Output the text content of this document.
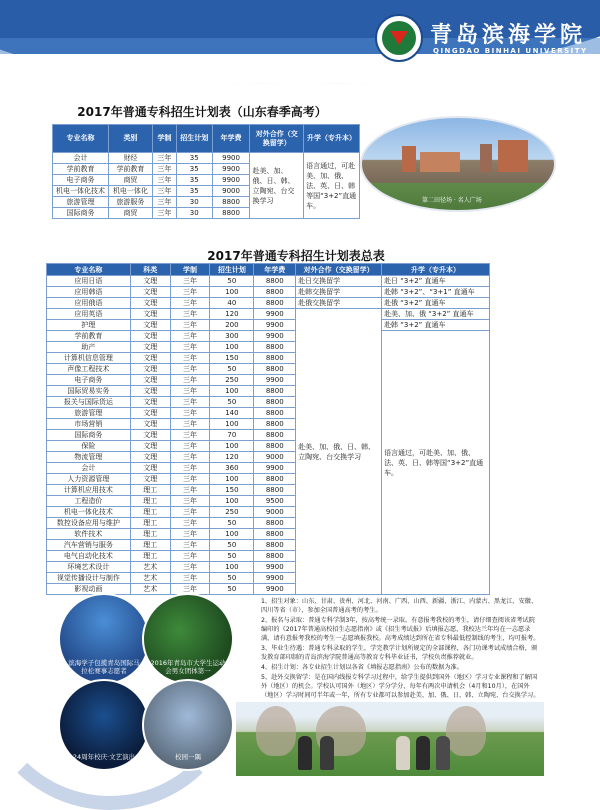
青岛滨海学院
QINGDAO BINHAI UNIVERSITY
2017年普通专科招生计划表（山东春季高考）
专业名称	类别	学制	招生计划	年学费	对外合作（交换留学）	升学（专升本）
会计	财经	三年	35	9900	赴美、加、俄、日、韩、立陶宛、台交换学习	语言通过，可赴美、加、俄、法、英、日、韩等国“3+2”直通车。
学前教育	学前教育	三年	35	9900		
电子商务	商贸	三年	35	9900		
机电一体化技术	机电一体化	三年	35	9000		
旅游管理	旅游服务	三年	30	8800		
国际商务	商贸	三年	30	8800		
第二田径场 · 名人广场
2017年普通专科招生计划表总表
专业名称	科类	学制	招生计划	年学费	对外合作（交换留学）	升学（专升本）
应用日语	文理	三年	50	8800	赴日交换留学	赴日 “3+2” 直通车
应用韩语	文理	三年	100	8800	赴韩交换留学	赴韩 “3+2”、“3+1” 直通车
应用俄语	文理	三年	40	8800	赴俄交换留学	赴俄 “3+2” 直通车
应用英语	文理	三年	120	9900	赴美、加、俄、日、韩、立陶宛、台交换学习	赴美、加、俄 “3+2” 直通车
护理	文理	三年	200	9900		赴韩 “3+2” 直通车
学前教育	文理	三年	300	9900		语言通过，可赴美、加、俄、法、英、日、韩等国“3+2”直通车。
助产	文理	三年	100	8800		
计算机信息管理	文理	三年	150	8800		
声像工程技术	文理	三年	50	8800		
电子商务	文理	三年	250	9900		
国际贸易实务	文理	三年	100	8800		
报关与国际货运	文理	三年	50	8800		
旅游管理	文理	三年	140	8800		
市场营销	文理	三年	100	8800		
国际商务	文理	三年	70	8800		
保险	文理	三年	100	8800		
物流管理	文理	三年	120	9000		
会计	文理	三年	360	9900		
人力资源管理	文理	三年	100	8800		
计算机应用技术	理工	三年	150	8800		
工程造价	理工	三年	100	9500		
机电一体化技术	理工	三年	250	9000		
数控设备应用与维护	理工	三年	50	8800		
软件技术	理工	三年	100	8800		
汽车营销与服务	理工	三年	50	8800		
电气自动化技术	理工	三年	50	8800		
环境艺术设计	艺术	三年	100	9900		
视觉传播设计与制作	艺术	三年	50	9900		
影视动画	艺术	三年	50	9900		
滨海学子包揽青岛国际马拉松赛事志愿者
2016年青岛市大学生运动会男女团体第一
24周年校庆·文艺演出	校园一隅

1、招生对象：山东、甘肃、贵州、河北、河南、广西、山西、新疆、浙江、内蒙古、黑龙江、安徽、四川等省（市），参加全国普通高考的考生。

2、报名与录取：普通专科学制3年，按高考统一录取。有意报考我校的考生，请仔细查阅该省考试院编印的《2017年普通高校招生志愿指南》或《招生考试报》后填报志愿，我校达兰年均在一志愿录满，请有意报考我校的考生一志愿填报我校。高考成绩达到所在省专科最低控制线的考生，均可报考。

3、毕业生待遇：普通专科录取的学生，学完教学计划所规定的全部课程，各门功课考试成绩合格，颁发教育部印制的青岛滨海学院普通高等教育专科毕业证书，学校负责推荐就业。

4、招生计划：各专业招生计划以各省《填报志愿指南》公布的数据为准。

5、赴外交换留学：是在国内线报专科学习过程中，给学生提供到国外（地区）学习专业课程和了解国外（地区）的机会。学校认可国外（地区）学分学分，每年有两次申请机会（4月和10月），在国外（地区）学习时间可半年或一年，所有专业都可以参加赴美、加、俄、日、韩、立陶宛、台交换学习。
